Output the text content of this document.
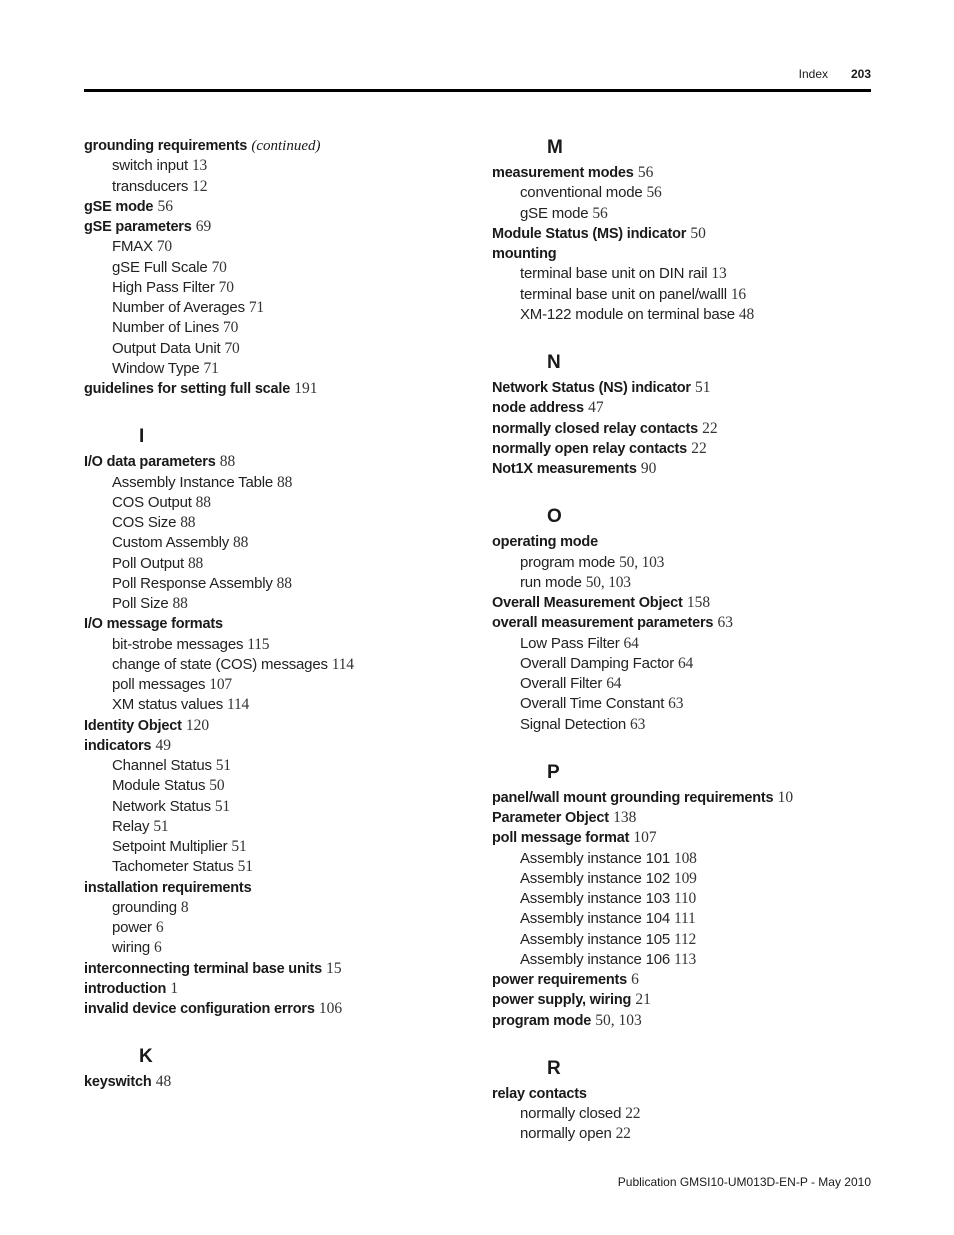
Index 203
grounding requirements (continued)
switch input 13
transducers 12
gSE mode 56
gSE parameters 69
FMAX 70
gSE Full Scale 70
High Pass Filter 70
Number of Averages 71
Number of Lines 70
Output Data Unit 70
Window Type 71
guidelines for setting full scale 191
I
I/O data parameters 88
Assembly Instance Table 88
COS Output 88
COS Size 88
Custom Assembly 88
Poll Output 88
Poll Response Assembly 88
Poll Size 88
I/O message formats
bit-strobe messages 115
change of state (COS) messages 114
poll messages 107
XM status values 114
Identity Object 120
indicators 49
Channel Status 51
Module Status 50
Network Status 51
Relay 51
Setpoint Multiplier 51
Tachometer Status 51
installation requirements
grounding 8
power 6
wiring 6
interconnecting terminal base units 15
introduction 1
invalid device configuration errors 106
K
keyswitch 48
M
measurement modes 56
conventional mode 56
gSE mode 56
Module Status (MS) indicator 50
mounting
terminal base unit on DIN rail 13
terminal base unit on panel/walll 16
XM-122 module on terminal base 48
N
Network Status (NS) indicator 51
node address 47
normally closed relay contacts 22
normally open relay contacts 22
Not1X measurements 90
O
operating mode
program mode 50, 103
run mode 50, 103
Overall Measurement Object 158
overall measurement parameters 63
Low Pass Filter 64
Overall Damping Factor 64
Overall Filter 64
Overall Time Constant 63
Signal Detection 63
P
panel/wall mount grounding requirements 10
Parameter Object 138
poll message format 107
Assembly instance 101 108
Assembly instance 102 109
Assembly instance 103 110
Assembly instance 104 111
Assembly instance 105 112
Assembly instance 106 113
power requirements 6
power supply, wiring 21
program mode 50, 103
R
relay contacts
normally closed 22
normally open 22
Publication GMSI10-UM013D-EN-P - May 2010
